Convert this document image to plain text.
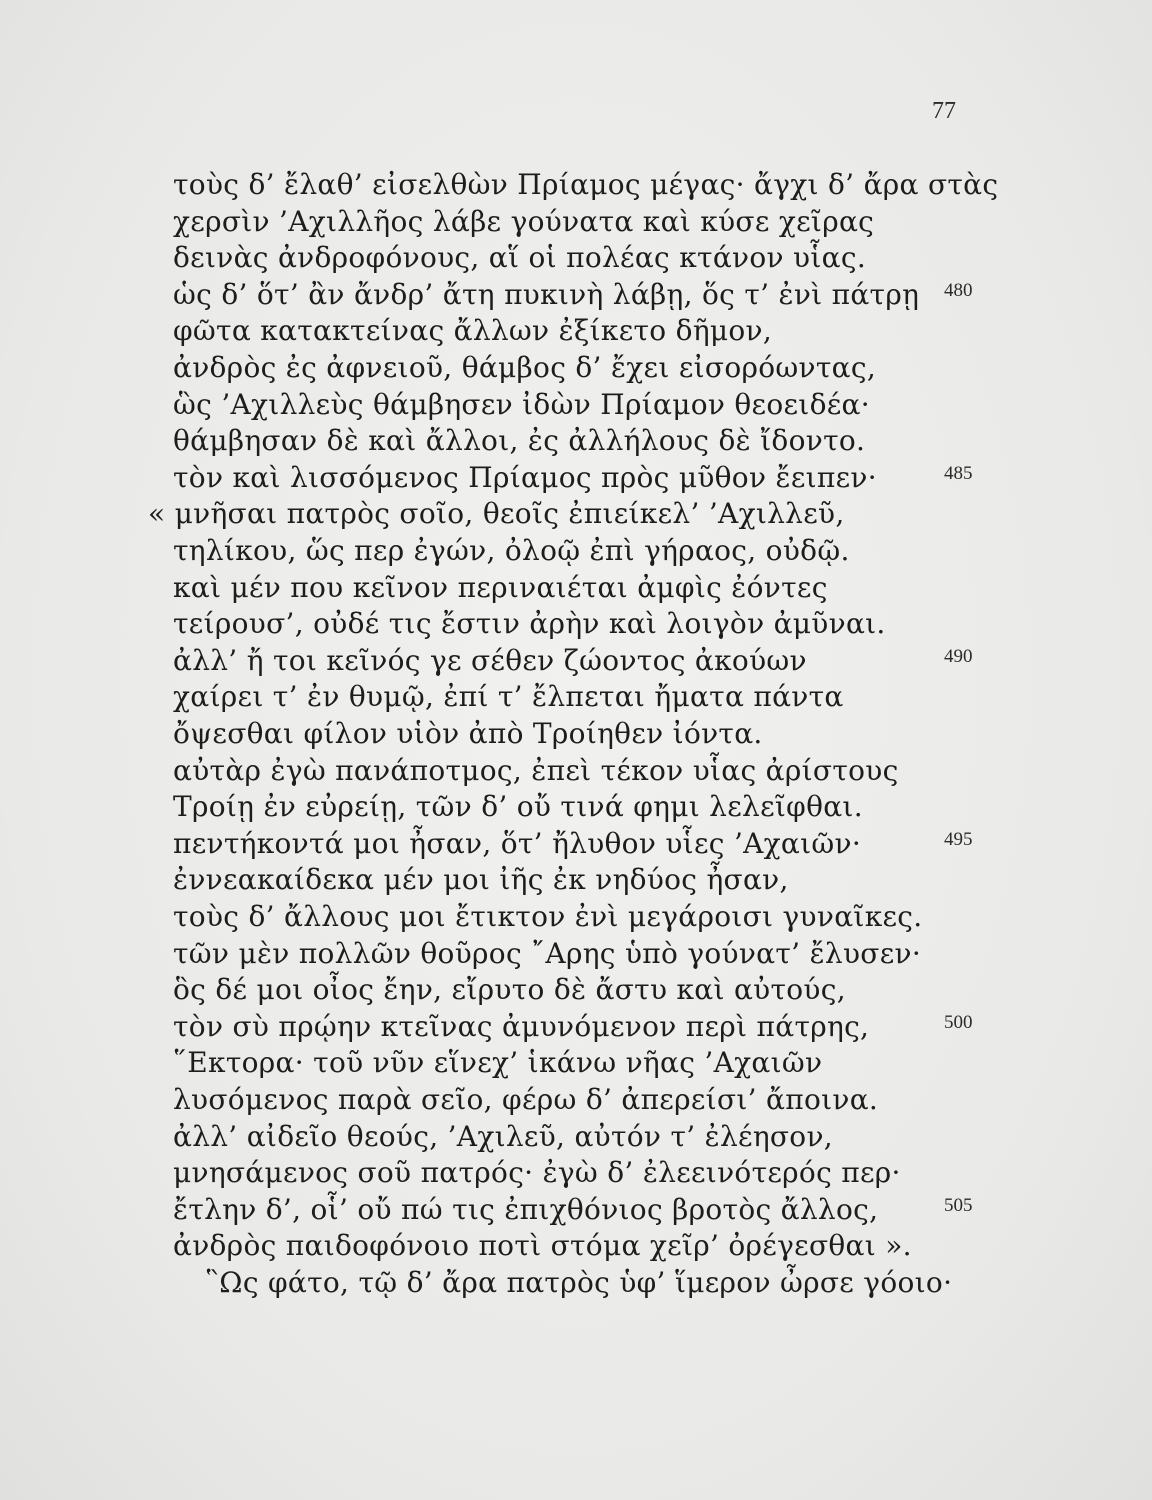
77
τοὺς δ’ ἔλαθ’ εἰσελθὼν Πρίαμος μέγας· ἄγχι δ’ ἄρα στὰς
χερσὶν ’Αχιλλῆος λάβε γούνατα καὶ κύσε χεῖρας
δεινὰς ἀνδροφόνους, αἵ οἱ πολέας κτάνον υἷας.
ὡς δ’ ὅτ’ ἂν ἄνδρ’ ἄτη πυκινὴ λάβῃ, ὅς τ’ ἐνὶ πάτρῃ 480
φῶτα κατακτείνας ἄλλων ἐξίκετο δῆμον,
ἀνδρὸς ἐς ἀφνειοῦ, θάμβος δ’ ἔχει εἰσορόωντας,
ὣς ’Αχιλλεὺς θάμβησεν ἰδὼν Πρίαμον θεοειδέα·
θάμβησαν δὲ καὶ ἄλλοι, ἐς ἀλλήλους δὲ ἴδοντο.
τὸν καὶ λισσόμενος Πρίαμος πρὸς μῦθον ἔειπεν·	485
« μνῆσαι πατρὸς σοῖο, θεοῖς ἐπιείκελ’ ’Αχιλλεῦ,
τηλίκου, ὥς περ ἐγών, ὀλοῷ ἐπὶ γήραος, οὐδῷ.
καὶ μέν που κεῖνον περιναιέται ἀμφὶς ἐόντες
τείρουσ’, οὐδέ τις ἔστιν ἀρὴν καὶ λοιγὸν ἀμῦναι.
ἀλλ’ ἤ τοι κεῖνός γε σέθεν ζώοντος ἀκούων	490
χαίρει τ’ ἐν θυμῷ, ἐπί τ’ ἔλπεται ἤματα πάντα
ὄψεσθαι φίλον υἱὸν ἀπὸ Τροίηθεν ἰόντα.
αὐτὰρ ἐγὼ πανάποτμος, ἐπεὶ τέκον υἷας ἀρίστους
Τροίῃ ἐν εὐρείῃ, τῶν δ’ οὔ τινά φημι λελεῖφθαι.
πεντήκοντά μοι ἦσαν, ὅτ’ ἤλυθον υἷες ’Αχαιῶν·	495
ἐννεακαίδεκα μέν μοι ἰῆς ἐκ νηδύος ἦσαν,
τοὺς δ’ ἄλλους μοι ἔτικτον ἐνὶ μεγάροισι γυναῖκες.
τῶν μὲν πολλῶν θοῦρος ῎Αρης ὑπὸ γούνατ’ ἔλυσεν·
ὃς δέ μοι οἶος ἔην, εἴρυτο δὲ ἄστυ καὶ αὐτούς,
τὸν σὺ πρῴην κτεῖνας ἀμυνόμενον περὶ πάτρης,	500
῞Εκτορα· τοῦ νῦν εἵνεχ’ ἱκάνω νῆας ’Αχαιῶν
λυσόμενος παρὰ σεῖο, φέρω δ’ ἀπερείσι’ ἄποινα.
ἀλλ’ αἰδεῖο θεούς, ’Αχιλεῦ, αὐτόν τ’ ἐλέησον,
μνησάμενος σοῦ πατρός· ἐγὼ δ’ ἐλεεινότερός περ·
ἔτλην δ’, οἷ’ οὔ πώ τις ἐπιχθόνιος βροτὸς ἄλλος,	505
ἀνδρὸς παιδοφόνοιο ποτὶ στόμα χεῖρ’ ὀρέγεσθαι ».
῝Ως φάτο, τῷ δ’ ἄρα πατρὸς ὑφ’ ἵμερον ὦρσε γόοιο·
